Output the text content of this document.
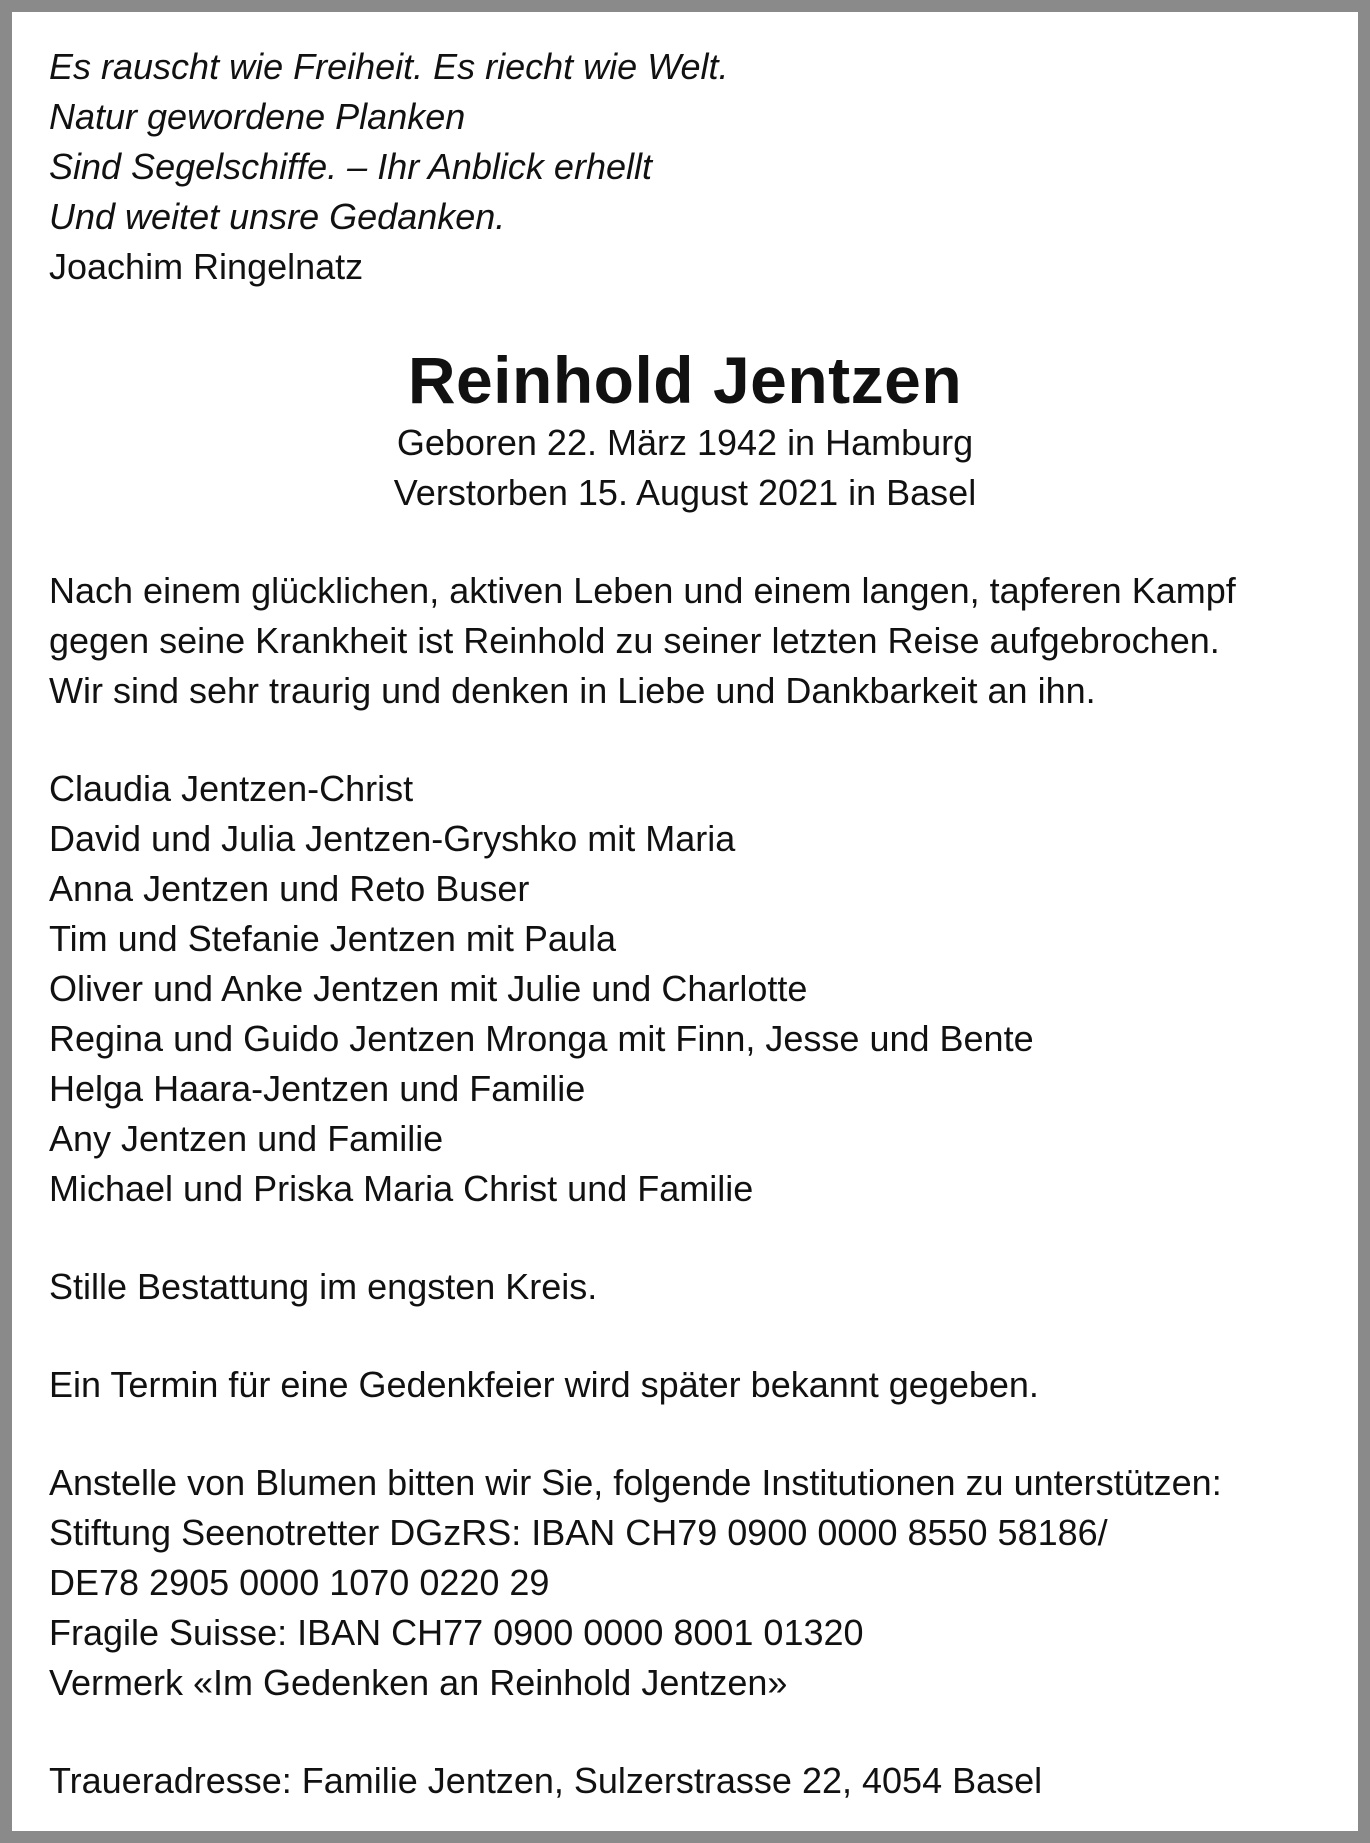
Es rauscht wie Freiheit. Es riecht wie Welt.
Natur gewordene Planken
Sind Segelschiffe. – Ihr Anblick erhellt
Und weitet unsre Gedanken.
Joachim Ringelnatz
Reinhold Jentzen
Geboren 22. März 1942 in Hamburg
Verstorben 15. August 2021 in Basel
Nach einem glücklichen, aktiven Leben und einem langen, tapferen Kampf
gegen seine Krankheit ist Reinhold zu seiner letzten Reise aufgebrochen.
Wir sind sehr traurig und denken in Liebe und Dankbarkeit an ihn.
Claudia Jentzen-Christ
David und Julia Jentzen-Gryshko mit Maria
Anna Jentzen und Reto Buser
Tim und Stefanie Jentzen mit Paula
Oliver und Anke Jentzen mit Julie und Charlotte
Regina und Guido Jentzen Mronga mit Finn, Jesse und Bente
Helga Haara-Jentzen und Familie
Any Jentzen und Familie
Michael und Priska Maria Christ und Familie
Stille Bestattung im engsten Kreis.
Ein Termin für eine Gedenkfeier wird später bekannt gegeben.
Anstelle von Blumen bitten wir Sie, folgende Institutionen zu unterstützen:
Stiftung Seenotretter DGzRS: IBAN CH79 0900 0000 8550 58186/
DE78 2905 0000 1070 0220 29
Fragile Suisse: IBAN CH77 0900 0000 8001 01320
Vermerk «Im Gedenken an Reinhold Jentzen»
Traueradresse: Familie Jentzen, Sulzerstrasse 22, 4054 Basel
